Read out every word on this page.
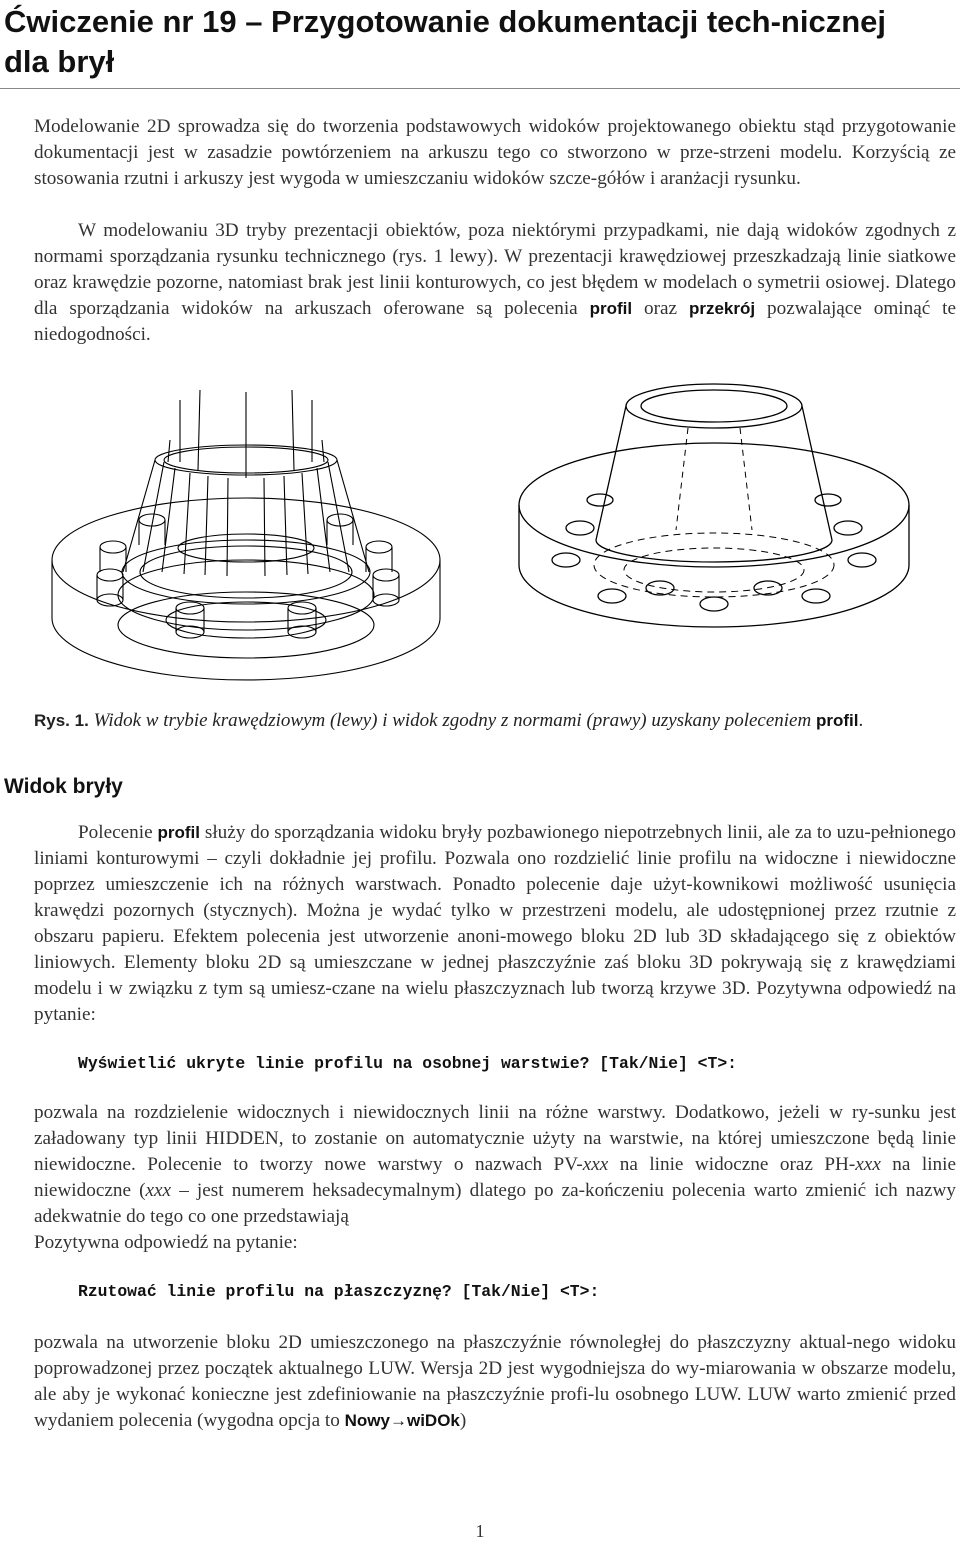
Ćwiczenie nr 19 – Przygotowanie dokumentacji tech-nicznej dla brył

Modelowanie 2D sprowadza się do tworzenia podstawowych widoków projektowanego obiektu stąd przygotowanie dokumentacji jest w zasadzie powtórzeniem na arkuszu tego co stworzono w prze-strzeni modelu. Korzyścią ze stosowania rzutni i arkuszy jest wygoda w umieszczaniu widoków szcze-gółów i aranżacji rysunku.

W modelowaniu 3D tryby prezentacji obiektów, poza niektórymi przypadkami, nie dają widoków zgodnych z normami sporządzania rysunku technicznego (rys. 1 lewy). W prezentacji krawędziowej przeszkadzają linie siatkowe oraz krawędzie pozorne, natomiast brak jest linii konturowych, co jest błędem w modelach o symetrii osiowej. Dlatego dla sporządzania widoków na arkuszach oferowane są polecenia profil oraz przekrój pozwalające ominąć te niedogodności.

Rys. 1. Widok w trybie krawędziowym (lewy) i widok zgodny z normami (prawy) uzyskany poleceniem profil.

Widok bryły

Polecenie profil służy do sporządzania widoku bryły pozbawionego niepotrzebnych linii, ale za to uzu-pełnionego liniami konturowymi – czyli dokładnie jej profilu. Pozwala ono rozdzielić linie profilu na widoczne i niewidoczne poprzez umieszczenie ich na różnych warstwach. Ponadto polecenie daje użyt-kownikowi możliwość usunięcia krawędzi pozornych (stycznych). Można je wydać tylko w przestrzeni modelu, ale udostępnionej przez rzutnie z obszaru papieru. Efektem polecenia jest utworzenie anoni-mowego bloku 2D lub 3D składającego się z obiektów liniowych. Elementy bloku 2D są umieszczane w jednej płaszczyźnie zaś bloku 3D pokrywają się z krawędziami modelu i w związku z tym są umiesz-czane na wielu płaszczyznach lub tworzą krzywe 3D. Pozytywna odpowiedź na pytanie:

Wyświetlić ukryte linie profilu na osobnej warstwie? [Tak/Nie] <T>:

pozwala na rozdzielenie widocznych i niewidocznych linii na różne warstwy. Dodatkowo, jeżeli w ry-sunku jest załadowany typ linii HIDDEN, to zostanie on automatycznie użyty na warstwie, na której umieszczone będą linie niewidoczne. Polecenie to tworzy nowe warstwy o nazwach PV-xxx na linie widoczne oraz PH-xxx na linie niewidoczne (xxx – jest numerem heksadecymalnym) dlatego po za-kończeniu polecenia warto zmienić ich nazwy adekwatnie do tego co one przedstawiają

Pozytywna odpowiedź na pytanie:

Rzutować linie profilu na płaszczyznę? [Tak/Nie] <T>:

pozwala na utworzenie bloku 2D umieszczonego na płaszczyźnie równoległej do płaszczyzny aktual-nego widoku poprowadzonej przez początek aktualnego LUW. Wersja 2D jest wygodniejsza do wy-miarowania w obszarze modelu, ale aby je wykonać konieczne jest zdefiniowanie na płaszczyźnie profi-lu osobnego LUW. LUW warto zmienić przed wydaniem polecenia (wygodna opcja to Nowy→wiDOk)

1
